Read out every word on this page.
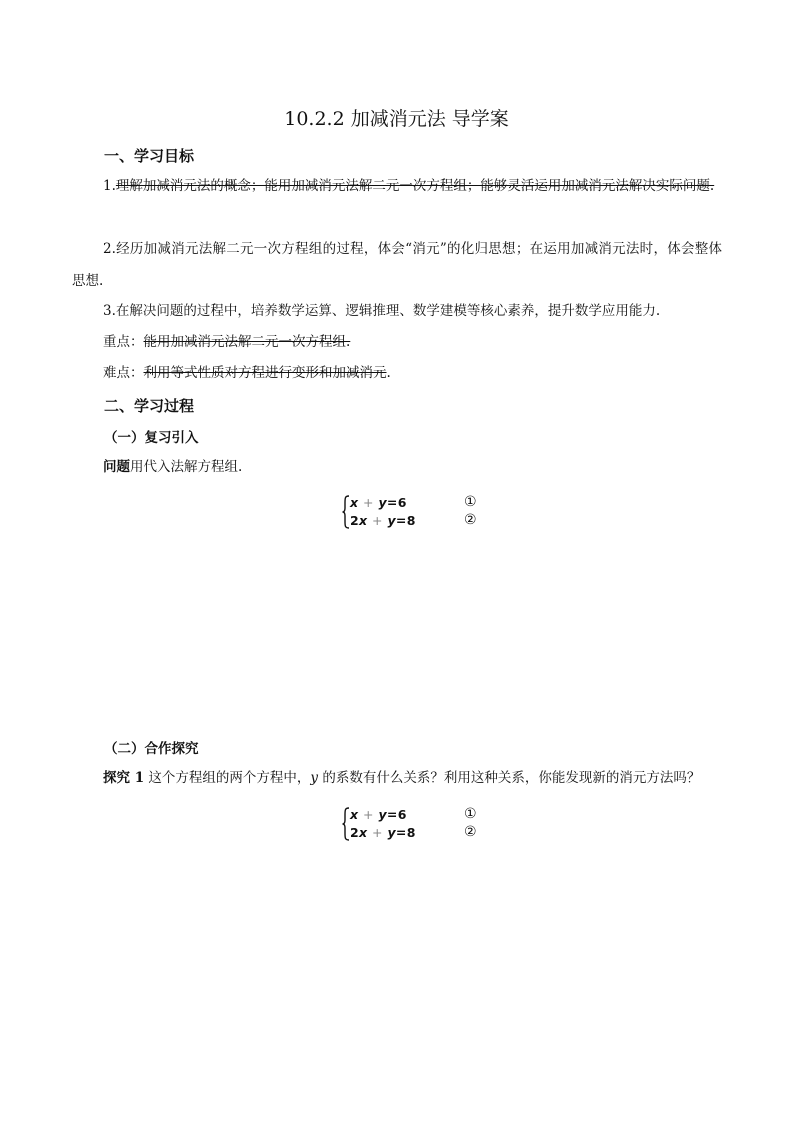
10.2.2 加减消元法 导学案
一、学习目标

1.理解加减消元法的概念；能用加减消元法解二元一次方程组；能够灵活运用加减消元法解决实际问题.

2.经历加减消元法解二元一次方程组的过程，体会“消元”的化归思想；在运用加减消元法时，体会整体思想.

3.在解决问题的过程中，培养数学运算、逻辑推理、数学建模等核心素养，提升数学应用能力.

重点：能用加减消元法解二元一次方程组.

难点：利用等式性质对方程进行变形和加减消元.

二、学习过程
（一）复习引入

问题用代入法解方程组.

x + y=6
2x + y=8
①
②
（二）合作探究

探究 1 这个方程组的两个方程中，y 的系数有什么关系？利用这种关系，你能发现新的消元方法吗？

x + y=6
2x + y=8
①
②
